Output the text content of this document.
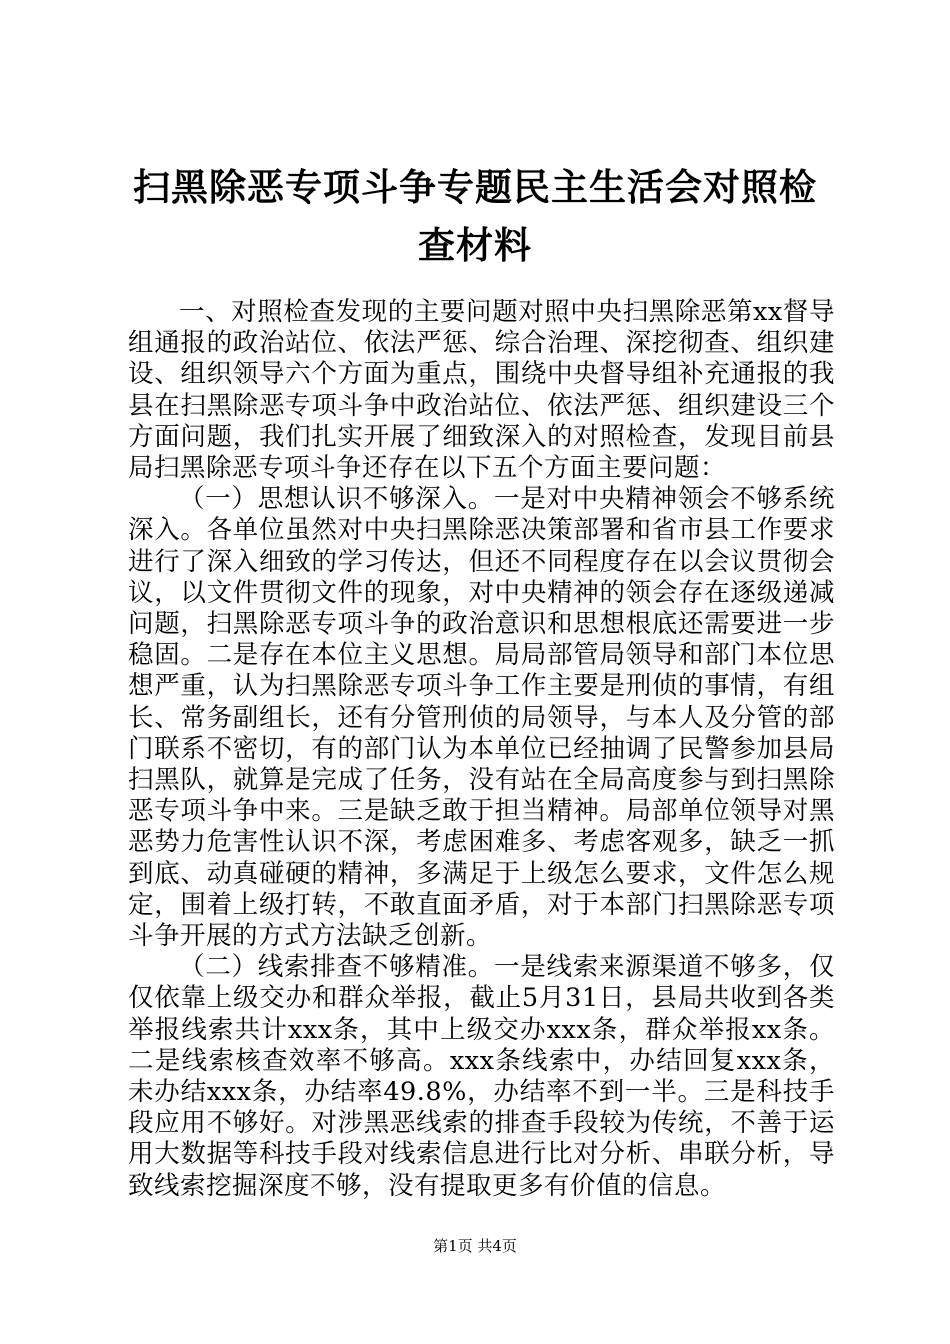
扫黑除恶专项斗争专题民主生活会对照检查材料

一、对照检查发现的主要问题对照中央扫黑除恶第xx督导组通报的政治站位、依法严惩、综合治理、深挖彻查、组织建设、组织领导六个方面为重点，围绕中央督导组补充通报的我县在扫黑除恶专项斗争中政治站位、依法严惩、组织建设三个方面问题，我们扎实开展了细致深入的对照检查，发现目前县局扫黑除恶专项斗争还存在以下五个方面主要问题：

（一）思想认识不够深入。一是对中央精神领会不够系统深入。各单位虽然对中央扫黑除恶决策部署和省市县工作要求进行了深入细致的学习传达，但还不同程度存在以会议贯彻会议，以文件贯彻文件的现象，对中央精神的领会存在逐级递减问题，扫黑除恶专项斗争的政治意识和思想根底还需要进一步稳固。二是存在本位主义思想。局局部管局领导和部门本位思想严重，认为扫黑除恶专项斗争工作主要是刑侦的事情，有组长、常务副组长，还有分管刑侦的局领导，与本人及分管的部门联系不密切，有的部门认为本单位已经抽调了民警参加县局扫黑队，就算是完成了任务，没有站在全局高度参与到扫黑除恶专项斗争中来。三是缺乏敢于担当精神。局部单位领导对黑恶势力危害性认识不深，考虑困难多、考虑客观多，缺乏一抓到底、动真碰硬的精神，多满足于上级怎么要求，文件怎么规定，围着上级打转，不敢直面矛盾，对于本部门扫黑除恶专项斗争开展的方式方法缺乏创新。

（二）线索排查不够精准。一是线索来源渠道不够多，仅仅依靠上级交办和群众举报，截止5月31日，县局共收到各类举报线索共计xxx条，其中上级交办xxx条，群众举报xx条。二是线索核查效率不够高。xxx条线索中，办结回复xxx条，未办结xxx条，办结率49.8%，办结率不到一半。三是科技手段应用不够好。对涉黑恶线索的排查手段较为传统，不善于运用大数据等科技手段对线索信息进行比对分析、串联分析，导致线索挖掘深度不够，没有提取更多有价值的信息。

第1页 共4页
